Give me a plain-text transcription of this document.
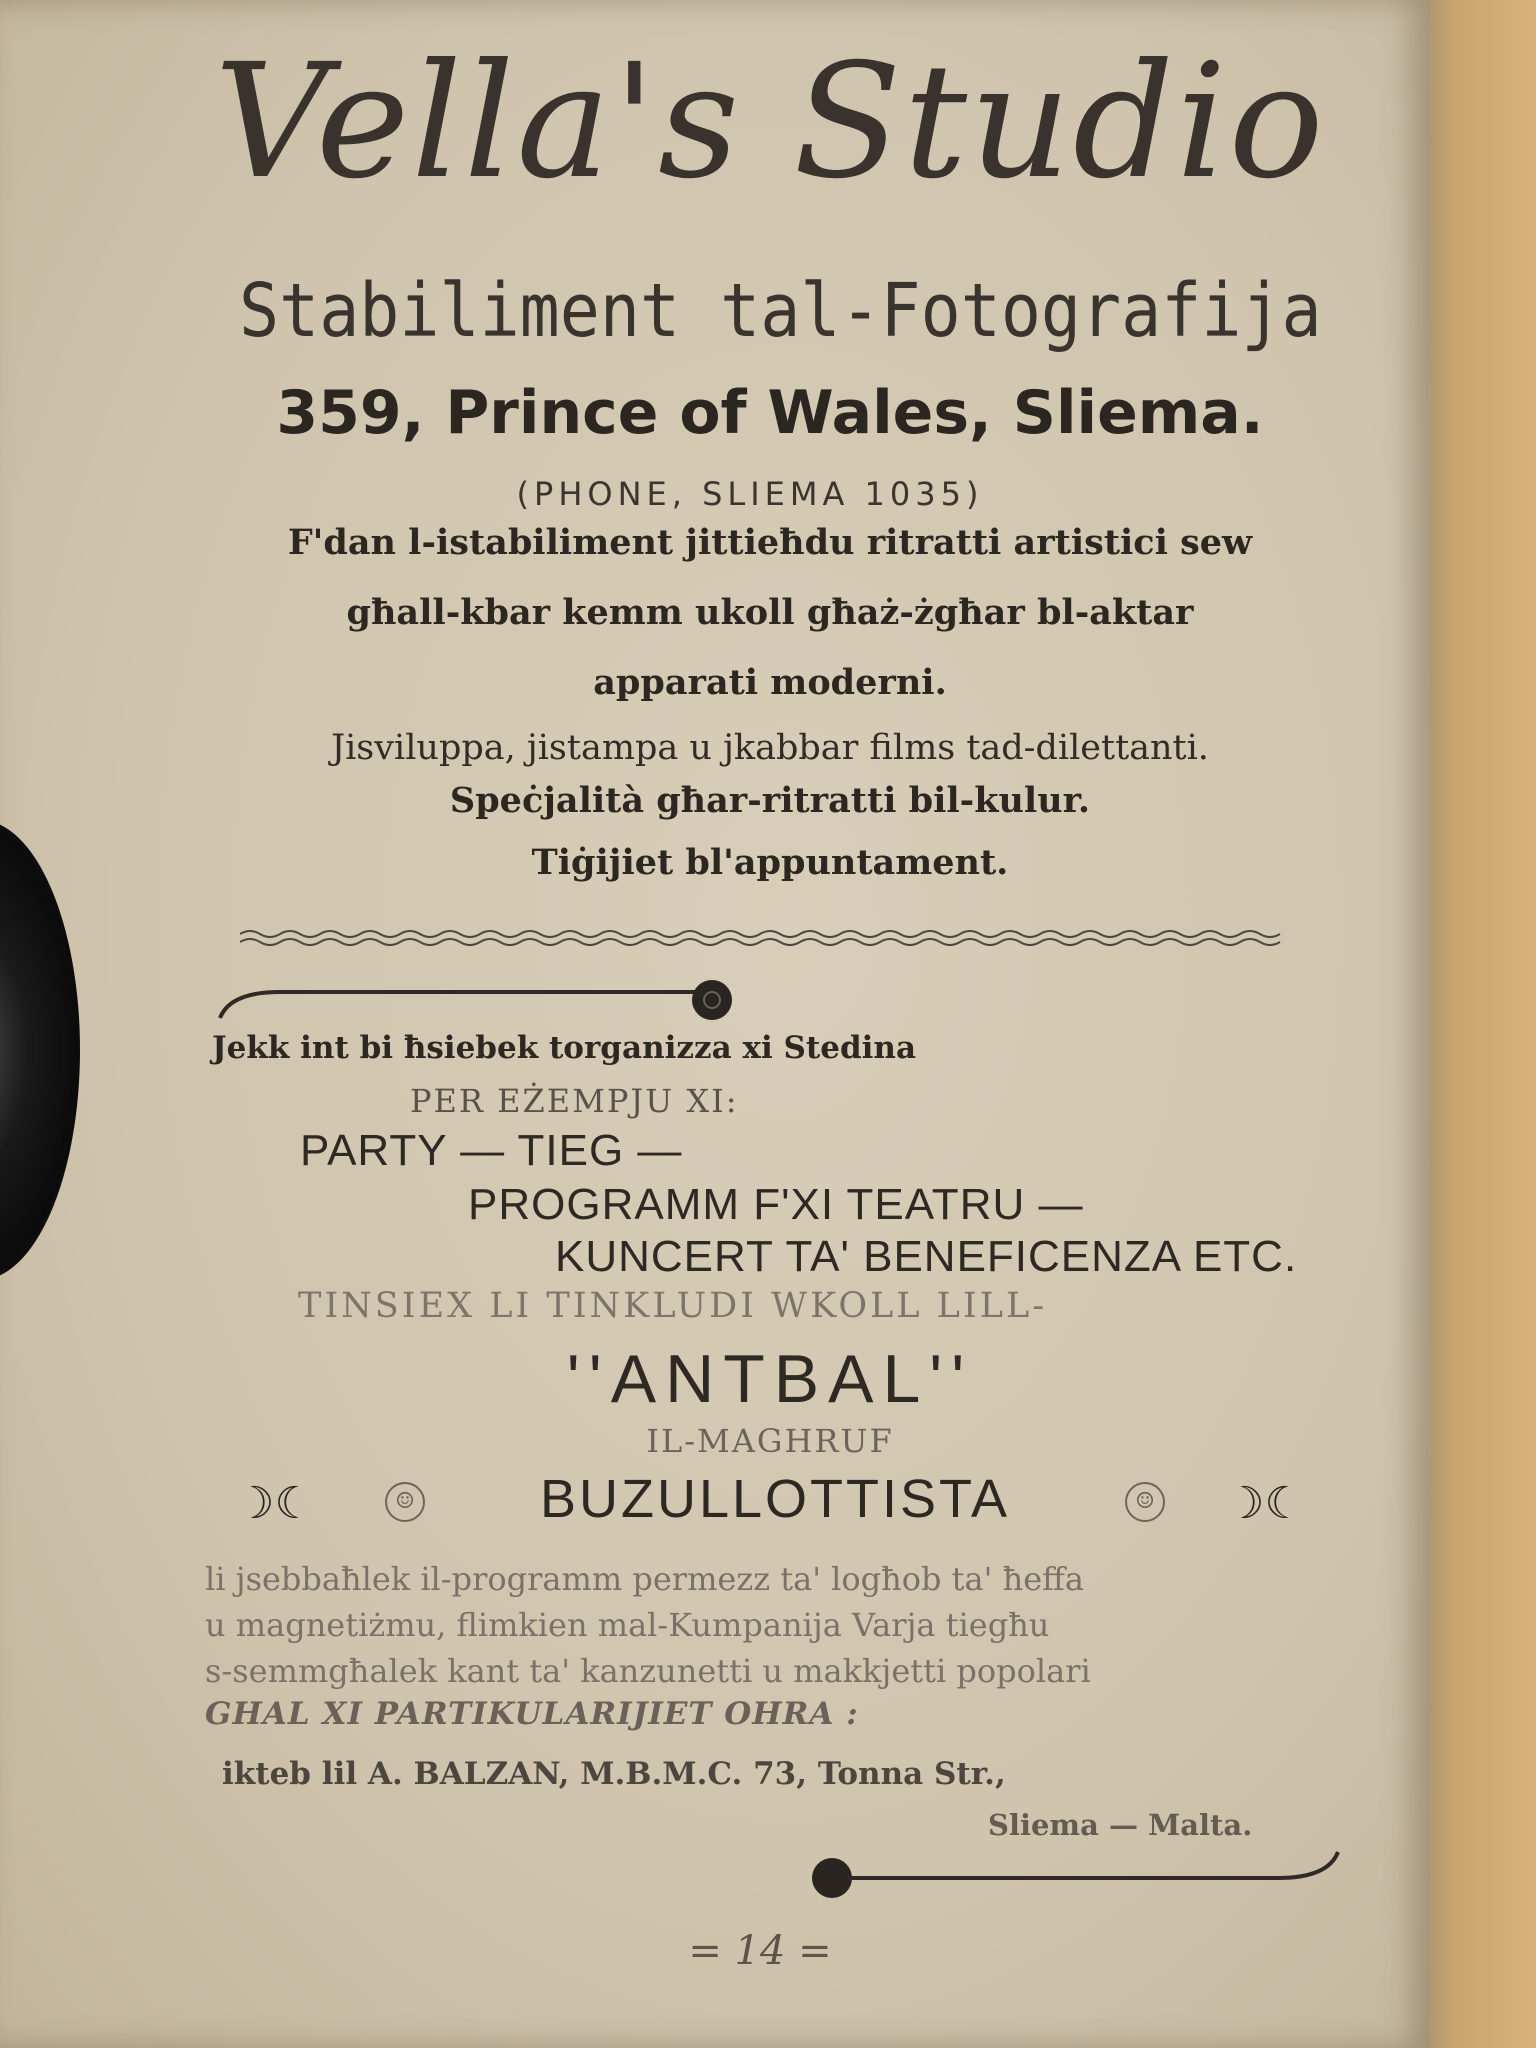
Vella's Studio

Stabiliment tal-Fotografija

359, Prince of Wales, Sliema.

(PHONE, SLIEMA 1035)

F'dan l-istabiliment jittieħdu ritratti artistici sew

għall-kbar kemm ukoll għaż-żgħar bl-aktar

apparati moderni.

Jisviluppa, jistampa u jkabbar films tad-dilettanti.

Speċjalità għar-ritratti bil-kulur.

Tiġijiet bl'appuntament.

Jekk int bi ħsiebek torganizza xi Stedina

PER EŻEMPJU XI:

PARTY — TIEG —

PROGRAMM F'XI TEATRU —

KUNCERT TA' BENEFICENZA ETC.

TINSIEX LI TINKLUDI WKOLL LILL-

''ANTBAL''

IL-MAGHRUF

☽☾	☺	BUZULLOTTISTA	☺ ☽☾

li jsebbaħlek il-programm permezz ta' logħob ta' ħeffa

u magnetiżmu, flimkien mal-Kumpanija Varja tiegħu

s-semmgħalek kant ta' kanzunetti u makkjetti popolari

GHAL XI PARTIKULARIJIET OHRA :

ikteb lil A. BALZAN, M.B.M.C. 73, Tonna Str.,

Sliema — Malta.

= 14 =
